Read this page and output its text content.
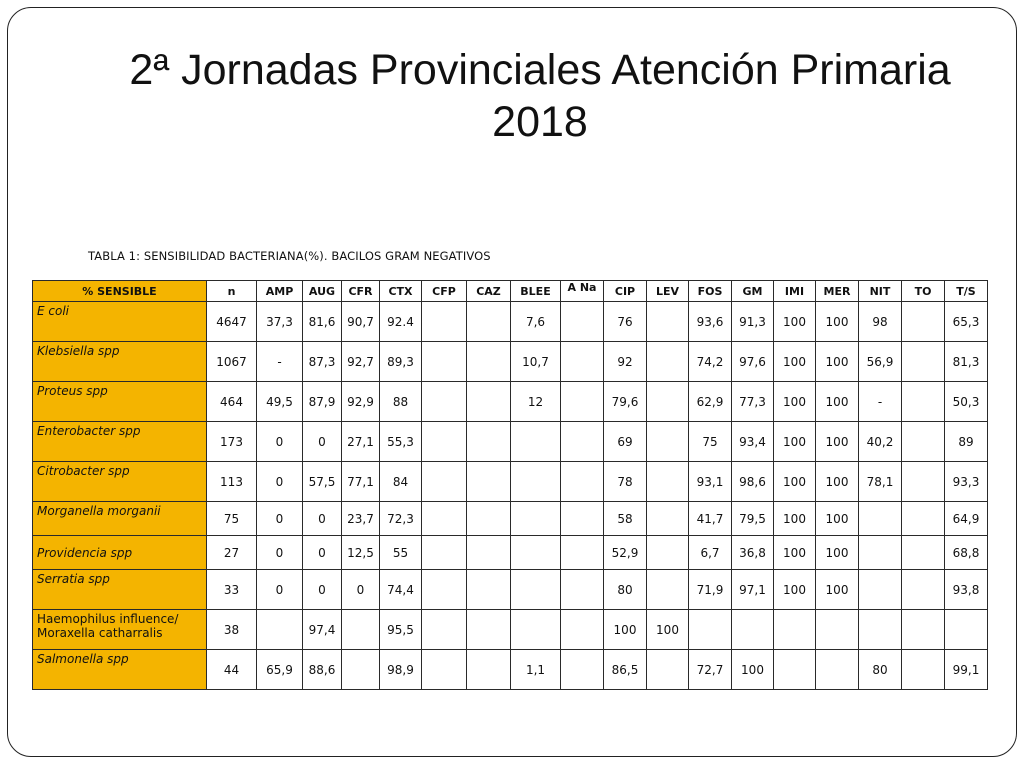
2ª Jornadas Provinciales Atención Primaria
2018
TABLA 1: SENSIBILIDAD BACTERIANA(%). BACILOS GRAM NEGATIVOS
% SENSIBLE	n	AMP	AUG	CFR	CTX	CFP	CAZ	BLEE	A Na	CIP	LEV	FOS	GM	IMI	MER	NIT	TO	T/S

E coli	4647	37,3	81,6	90,7	92.4			7,6		76		93,6	91,3	100	100	98		65,3

Klebsiella spp	1067	-	87,3	92,7	89,3			10,7		92		74,2	97,6	100	100	56,9		81,3

Proteus spp	464	49,5	87,9	92,9	88			12		79,6		62,9	77,3	100	100	-		50,3

Enterobacter spp	173	0	0	27,1	55,3					69		75	93,4	100	100	40,2		89

Citrobacter spp	113	0	57,5	77,1	84					78		93,1	98,6	100	100	78,1		93,3

Morganella morganii	75	0	0	23,7	72,3					58		41,7	79,5	100	100			64,9

Providencia spp	27	0	0	12,5	55					52,9		6,7	36,8	100	100			68,8

Serratia spp	33	0	0	0	74,4					80		71,9	97,1	100	100			93,8

Haemophilus influence/
Moraxella catharralis	38		97,4		95,5					100	100							

Salmonella spp	44	65,9	88,6		98,9			1,1		86,5		72,7	100			80		99,1
